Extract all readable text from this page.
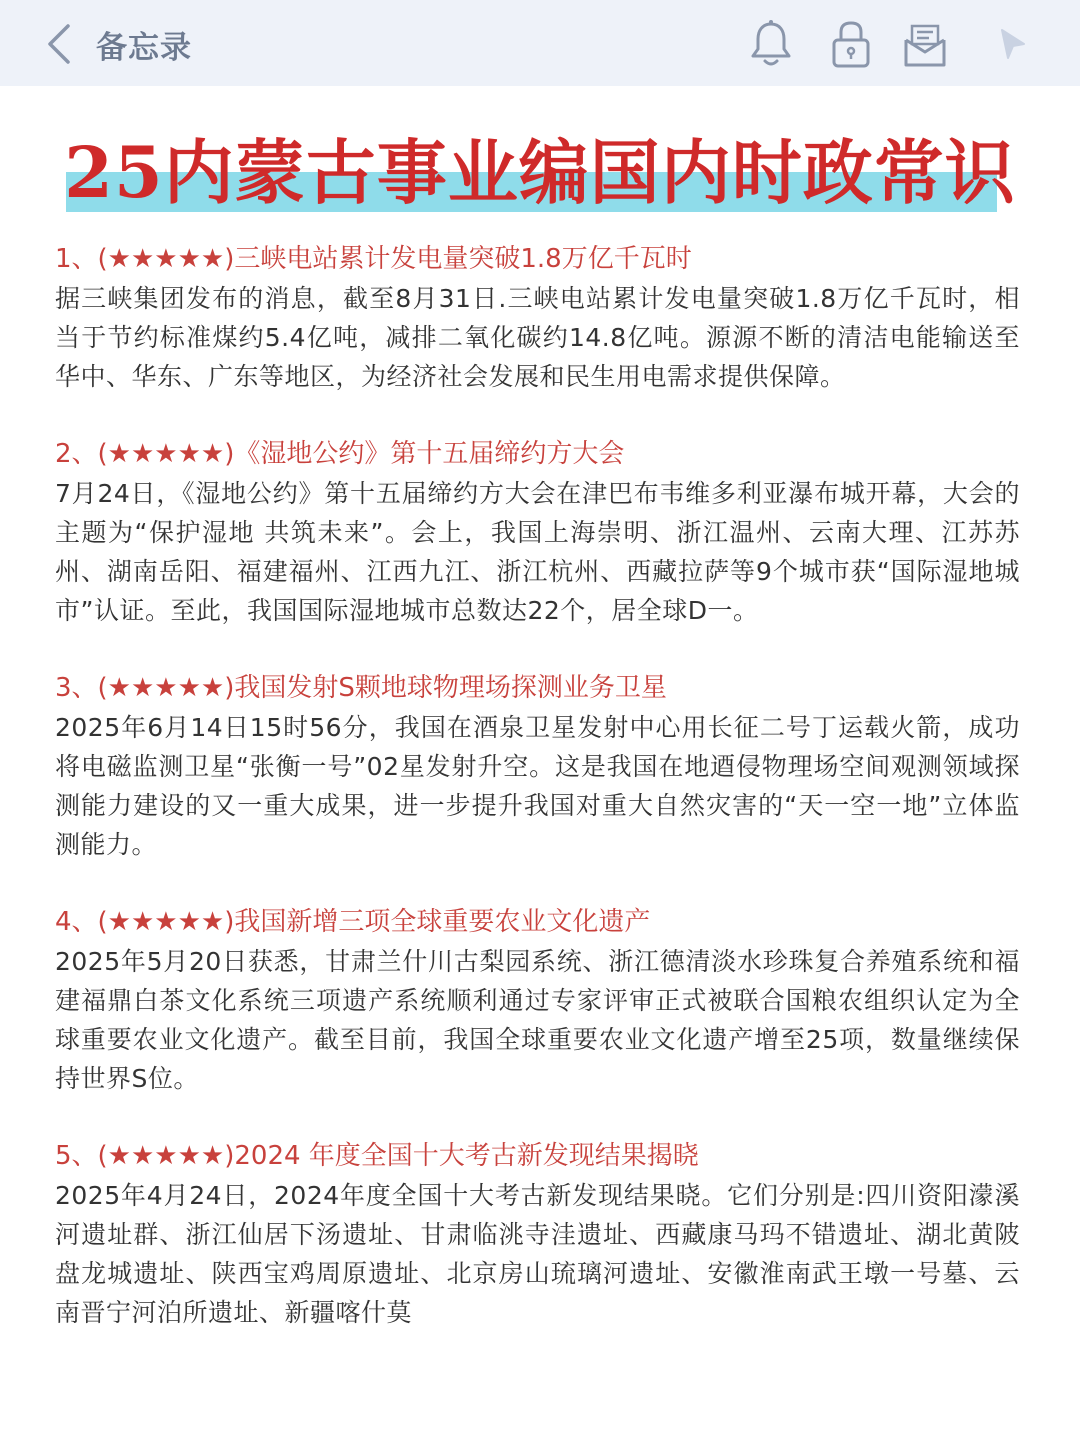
备忘录
25内蒙古事业编国内时政常识
1、(★★★★★)三峡电站累计发电量突破1.8万亿千瓦时
据三峡集团发布的消息，截至8月31日.三峡电站累计发电量突破1.8万亿千瓦时，相当于节约标准煤约5.4亿吨，减排二氧化碳约14.8亿吨。源源不断的清洁电能输送至华中、华东、广东等地区，为经济社会发展和民生用电需求提供保障。
2、(★★★★★)《湿地公约》第十五届缔约方大会
7月24日，《湿地公约》第十五届缔约方大会在津巴布韦维多利亚瀑布城开幕，大会的主题为“保护湿地 共筑未来”。会上，我国上海崇明、浙江温州、云南大理、江苏苏州、湖南岳阳、福建福州、江西九江、浙江杭州、西藏拉萨等9个城市获“国际湿地城市”认证。至此，我国国际湿地城市总数达22个，居全球D一。
3、(★★★★★)我国发射S颗地球物理场探测业务卫星
2025年6月14日15时56分，我国在酒泉卫星发射中心用长征二号丁运载火箭，成功将电磁监测卫星“张衡一号”02星发射升空。这是我国在地逎侵物理场空间观测领域探测能力建设的又一重大成果，进一步提升我国对重大自然灾害的“天一空一地”立体监测能力。
4、(★★★★★)我国新增三项全球重要农业文化遗产
2025年5月20日获悉，甘肃兰什川古梨园系统、浙江德清淡水珍珠复合养殖系统和福建福鼎白茶文化系统三项遗产系统顺利通过专家评审正式被联合国粮农组织认定为全球重要农业文化遗产。截至目前，我国全球重要农业文化遗产增至25项，数量继续保持世界S位。
5、(★★★★★)2024 年度全国十大考古新发现结果揭晓
2025年4月24日，2024年度全国十大考古新发现结果晓。它们分别是:四川资阳濛溪河遗址群、浙江仙居下汤遗址、甘肃临洮寺洼遗址、西藏康马玛不错遗址、湖北黄陂盘龙城遗址、陕西宝鸡周原遗址、北京房山琉璃河遗址、安徽淮南武王墩一号墓、云南晋宁河泊所遗址、新疆喀什莫
